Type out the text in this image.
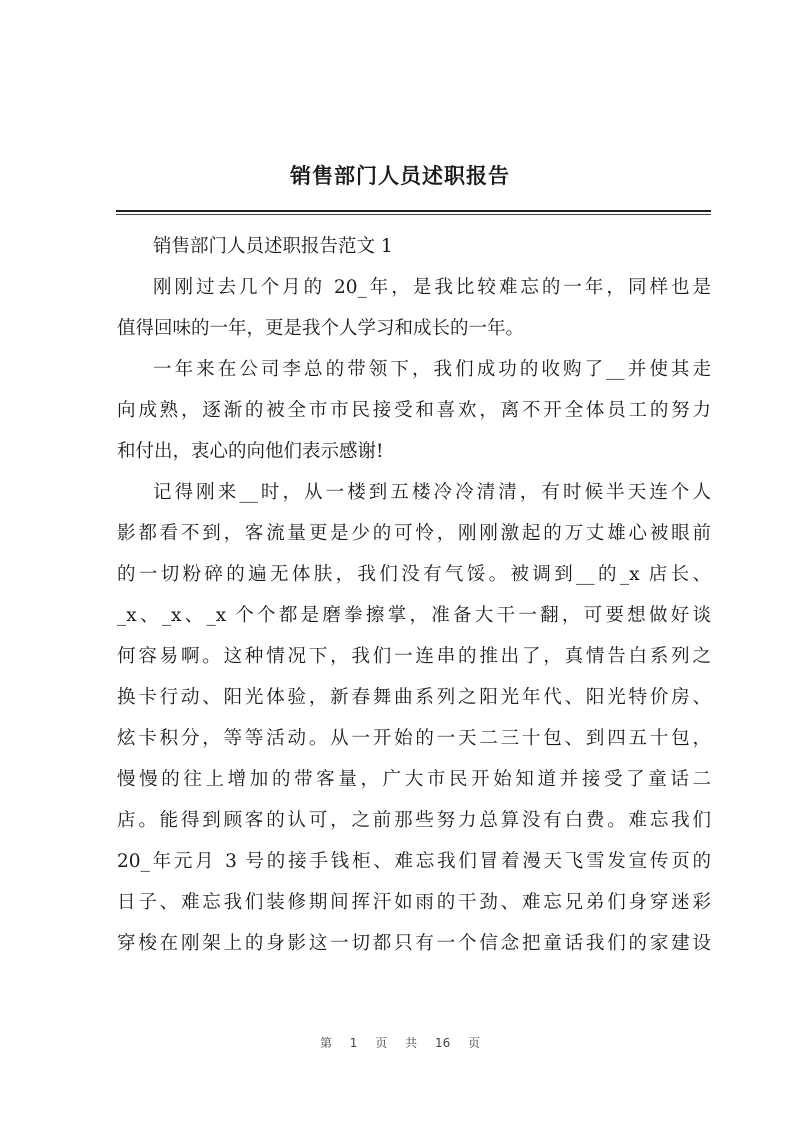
销售部门人员述职报告
销售部门人员述职报告范文 1
刚刚过去几个月的 20_年，是我比较难忘的一年，同样也是
值得回味的一年，更是我个人学习和成长的一年。
一年来在公司李总的带领下，我们成功的收购了__并使其走
向成熟，逐渐的被全市市民接受和喜欢，离不开全体员工的努力
和付出，衷心的向他们表示感谢!
记得刚来__时，从一楼到五楼冷冷清清，有时候半天连个人
影都看不到，客流量更是少的可怜，刚刚激起的万丈雄心被眼前
的一切粉碎的遍无体肤，我们没有气馁。被调到__的_x 店长、
_x、_x、_x 个个都是磨拳擦掌，准备大干一翻，可要想做好谈
何容易啊。这种情况下，我们一连串的推出了，真情告白系列之
换卡行动、阳光体验，新春舞曲系列之阳光年代、阳光特价房、
炫卡积分，等等活动。从一开始的一天二三十包、到四五十包，
慢慢的往上增加的带客量，广大市民开始知道并接受了童话二
店。能得到顾客的认可，之前那些努力总算没有白费。难忘我们
20_年元月 3 号的接手钱柜、难忘我们冒着漫天飞雪发宣传页的
日子、难忘我们装修期间挥汗如雨的干劲、难忘兄弟们身穿迷彩
穿梭在刚架上的身影这一切都只有一个信念把童话我们的家建设
第 1 页 共 16 页
